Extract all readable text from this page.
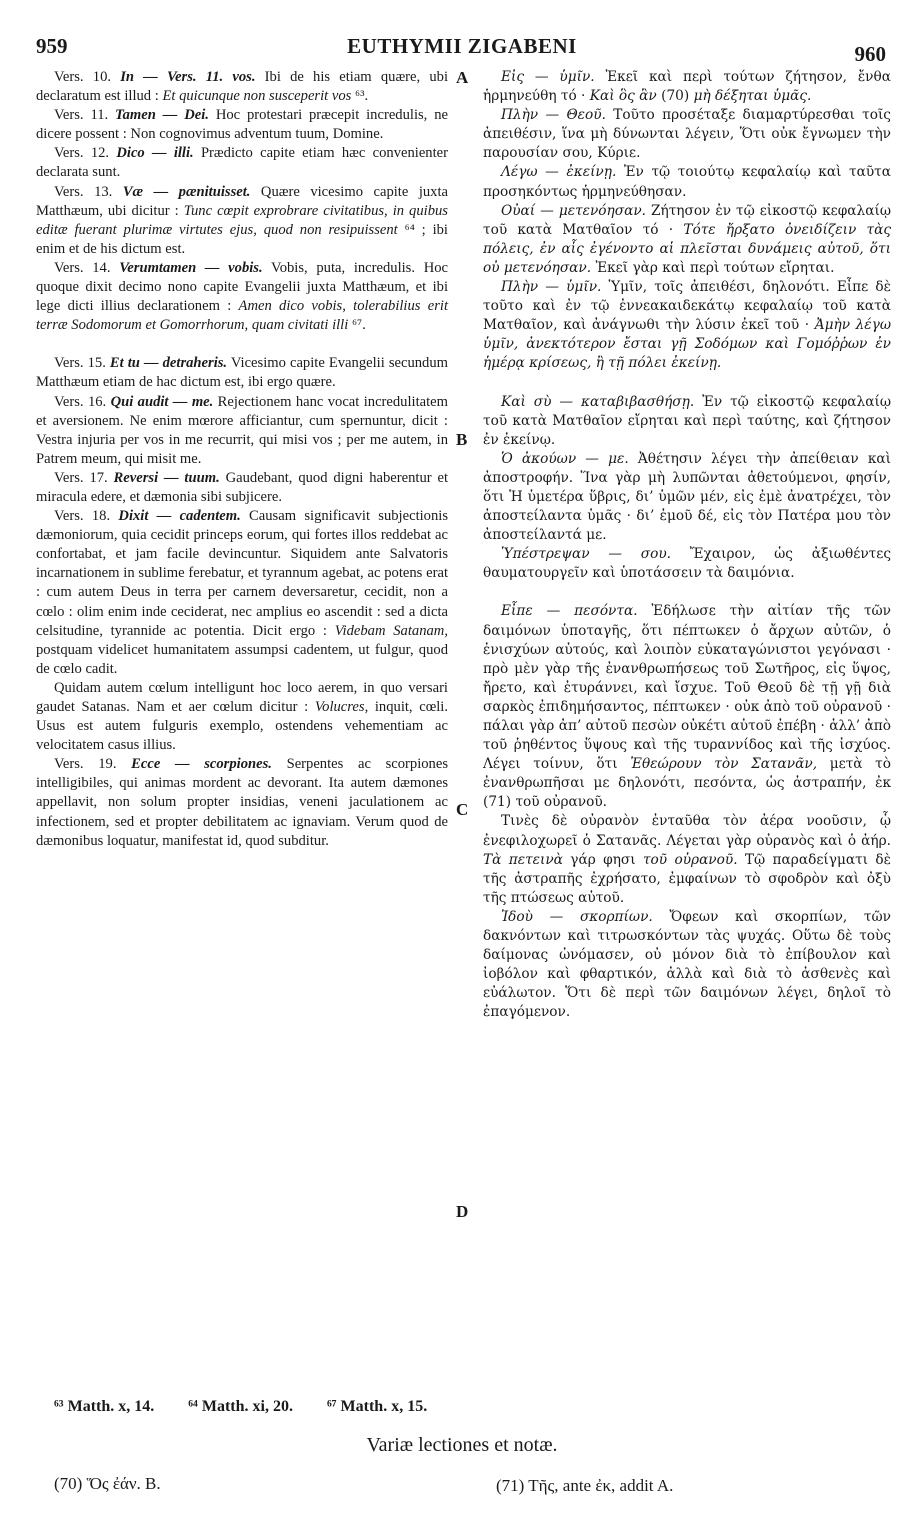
959	EUTHYMII ZIGABENI	960
A
B
C
D

Vers. 10. In — Vers. 11. vos. Ibi de his etiam quære, ubi declaratum est illud : Et quicunque non susceperit vos ⁶³.

Vers. 11. Tamen — Dei. Hoc protestari præcepit incredulis, ne dicere possent : Non cognovimus adventum tuum, Domine.

Vers. 12. Dico — illi. Prædicto capite etiam hæc convenienter declarata sunt.

Vers. 13. Væ — pænituisset. Quære vicesimo capite juxta Matthæum, ubi dicitur : Tunc cœpit exprobrare civitatibus, in quibus editæ fuerant plurimæ virtutes ejus, quod non resipuissent ⁶⁴ ; ibi enim et de his dictum est.

Vers. 14. Verumtamen — vobis. Vobis, puta, incredulis. Hoc quoque dixit decimo nono capite Evangelii juxta Matthæum, et ibi lege dicti illius declarationem : Amen dico vobis, tolerabilius erit terræ Sodomorum et Gomorrhorum, quam civitati illi ⁶⁷.

Vers. 15. Et tu — detraheris. Vicesimo capite Evangelii secundum Matthæum etiam de hac dictum est, ibi ergo quære.

Vers. 16. Qui audit — me. Rejectionem hanc vocat incredulitatem et aversionem. Ne enim mœrore afficiantur, cum spernuntur, dicit : Vestra injuria per vos in me recurrit, qui misi vos ; per me autem, in Patrem meum, qui misit me.

Vers. 17. Reversi — tuum. Gaudebant, quod digni haberentur et miracula edere, et dæmonia sibi subjicere.

Vers. 18. Dixit — cadentem. Causam significavit subjectionis dæmoniorum, quia cecidit princeps eorum, qui fortes illos reddebat ac confortabat, et jam facile devincuntur. Siquidem ante Salvatoris incarnationem in sublime ferebatur, et tyrannum agebat, ac potens erat : cum autem Deus in terra per carnem deversaretur, cecidit, non a cœlo : olim enim inde ceciderat, nec amplius eo ascendit : sed a dicta celsitudine, tyrannide ac potentia. Dicit ergo : Videbam Satanam, postquam videlicet humanitatem assumpsi cadentem, ut fulgur, quod de cœlo cadit.

Quidam autem cœlum intelligunt hoc loco aerem, in quo versari gaudet Satanas. Nam et aer cœlum dicitur : Volucres, inquit, cœli. Usus est autem fulguris exemplo, ostendens vehementiam ac velocitatem casus illius.

Vers. 19. Ecce — scorpiones. Serpentes ac scorpiones intelligibiles, qui animas mordent ac devorant. Ita autem dæmones appellavit, non solum propter insidias, veneni jaculationem ac infectionem, sed et propter debilitatem ac ignaviam. Verum quod de dæmonibus loquatur, manifestat id, quod subditur.

Εἰς — ὑμῖν. Ἐκεῖ καὶ περὶ τούτων ζήτησον, ἔνθα ἡρμηνεύθη τό · Καὶ ὃς ἂν (70) μὴ δέξηται ὑμᾶς.

Πλὴν — Θεοῦ. Τοῦτο προσέταξε διαμαρτύρεσθαι τοῖς ἀπειθέσιν, ἵνα μὴ δύνωνται λέγειν, Ὅτι οὐκ ἔγνωμεν τὴν παρουσίαν σου, Κύριε.

Λέγω — ἐκείνῃ. Ἐν τῷ τοιούτῳ κεφαλαίῳ καὶ ταῦτα προσηκόντως ἡρμηνεύθησαν.

Οὐαί — μετενόησαν. Ζήτησον ἐν τῷ εἰκοστῷ κεφαλαίῳ τοῦ κατὰ Ματθαῖον τό · Τότε ἤρξατο ὀνειδίζειν τὰς πόλεις, ἐν αἷς ἐγένοντο αἱ πλεῖσται δυνάμεις αὐτοῦ, ὅτι οὐ μετενόησαν. Ἐκεῖ γὰρ καὶ περὶ τούτων εἴρηται.

Πλὴν — ὑμῖν. Ὑμῖν, τοῖς ἀπειθέσι, δηλονότι. Εἶπε δὲ τοῦτο καὶ ἐν τῷ ἐννεακαιδεκάτῳ κεφαλαίῳ τοῦ κατὰ Ματθαῖον, καὶ ἀνάγνωθι τὴν λύσιν ἐκεῖ τοῦ · Ἀμὴν λέγω ὑμῖν, ἀνεκτότερον ἔσται γῇ Σοδόμων καὶ Γομόῤῥων ἐν ἡμέρᾳ κρίσεως, ἢ τῇ πόλει ἐκείνῃ.

Καὶ σὺ — καταβιβασθήσῃ. Ἐν τῷ εἰκοστῷ κεφαλαίῳ τοῦ κατὰ Ματθαῖον εἴρηται καὶ περὶ ταύτης, καὶ ζήτησον ἐν ἐκείνῳ.

Ὁ ἀκούων — με. Ἀθέτησιν λέγει τὴν ἀπείθειαν καὶ ἀποστροφήν. Ἵνα γὰρ μὴ λυπῶνται ἀθετούμενοι, φησίν, ὅτι Ἡ ὑμετέρα ὕβρις, δι’ ὑμῶν μέν, εἰς ἐμὲ ἀνατρέχει, τὸν ἀποστείλαντα ὑμᾶς · δι’ ἐμοῦ δέ, εἰς τὸν Πατέρα μου τὸν ἀποστείλαντά με.

Ὑπέστρεψαν — σου. Ἔχαιρον, ὡς ἀξιωθέντες θαυματουργεῖν καὶ ὑποτάσσειν τὰ δαιμόνια.

Εἶπε — πεσόντα. Ἐδήλωσε τὴν αἰτίαν τῆς τῶν δαιμόνων ὑποταγῆς, ὅτι πέπτωκεν ὁ ἄρχων αὐτῶν, ὁ ἐνισχύων αὐτούς, καὶ λοιπὸν εὐκαταγώνιστοι γεγόνασι · πρὸ μὲν γὰρ τῆς ἐνανθρωπήσεως τοῦ Σωτῆρος, εἰς ὕψος, ἤρετο, καὶ ἐτυράννει, καὶ ἴσχυε. Τοῦ Θεοῦ δὲ τῇ γῇ διὰ σαρκὸς ἐπιδημήσαντος, πέπτωκεν · οὐκ ἀπὸ τοῦ οὐρανοῦ · πάλαι γὰρ ἀπ’ αὐτοῦ πεσὼν οὐκέτι αὐτοῦ ἐπέβη · ἀλλ’ ἀπὸ τοῦ ῥηθέντος ὕψους καὶ τῆς τυραννίδος καὶ τῆς ἰσχύος. Λέγει τοίνυν, ὅτι Ἐθεώρουν τὸν Σατανᾶν, μετὰ τὸ ἐνανθρωπῆσαι με δηλονότι, πεσόντα, ὡς ἀστραπήν, ἐκ (71) τοῦ οὐρανοῦ.

Τινὲς δὲ οὐρανὸν ἐνταῦθα τὸν ἀέρα νοοῦσιν, ᾧ ἐνεφιλοχωρεῖ ὁ Σατανᾶς. Λέγεται γὰρ οὐρανὸς καὶ ὁ ἀήρ. Τὰ πετεινὰ γάρ φησι τοῦ οὐρανοῦ. Τῷ παραδείγματι δὲ τῆς ἀστραπῆς ἐχρήσατο, ἐμφαίνων τὸ σφοδρὸν καὶ ὀξὺ τῆς πτώσεως αὐτοῦ.

Ἰδοὺ — σκορπίων. Ὄφεων καὶ σκορπίων, τῶν δακνόντων καὶ τιτρωσκόντων τὰς ψυχάς. Οὕτω δὲ τοὺς δαίμονας ὠνόμασεν, οὐ μόνον διὰ τὸ ἐπίβουλον καὶ ἰοβόλον καὶ φθαρτικόν, ἀλλὰ καὶ διὰ τὸ ἀσθενὲς καὶ εὐάλωτον. Ὅτι δὲ περὶ τῶν δαιμόνων λέγει, δηλοῖ τὸ ἐπαγόμενον.

⁶³ Matth. x, 14. ⁶⁴ Matth. xi, 20. ⁶⁷ Matth. x, 15.
Variæ lectiones et notæ.
(70) Ὅς ἐάν. B.	(71) Τῆς, ante ἐκ, addit A.
